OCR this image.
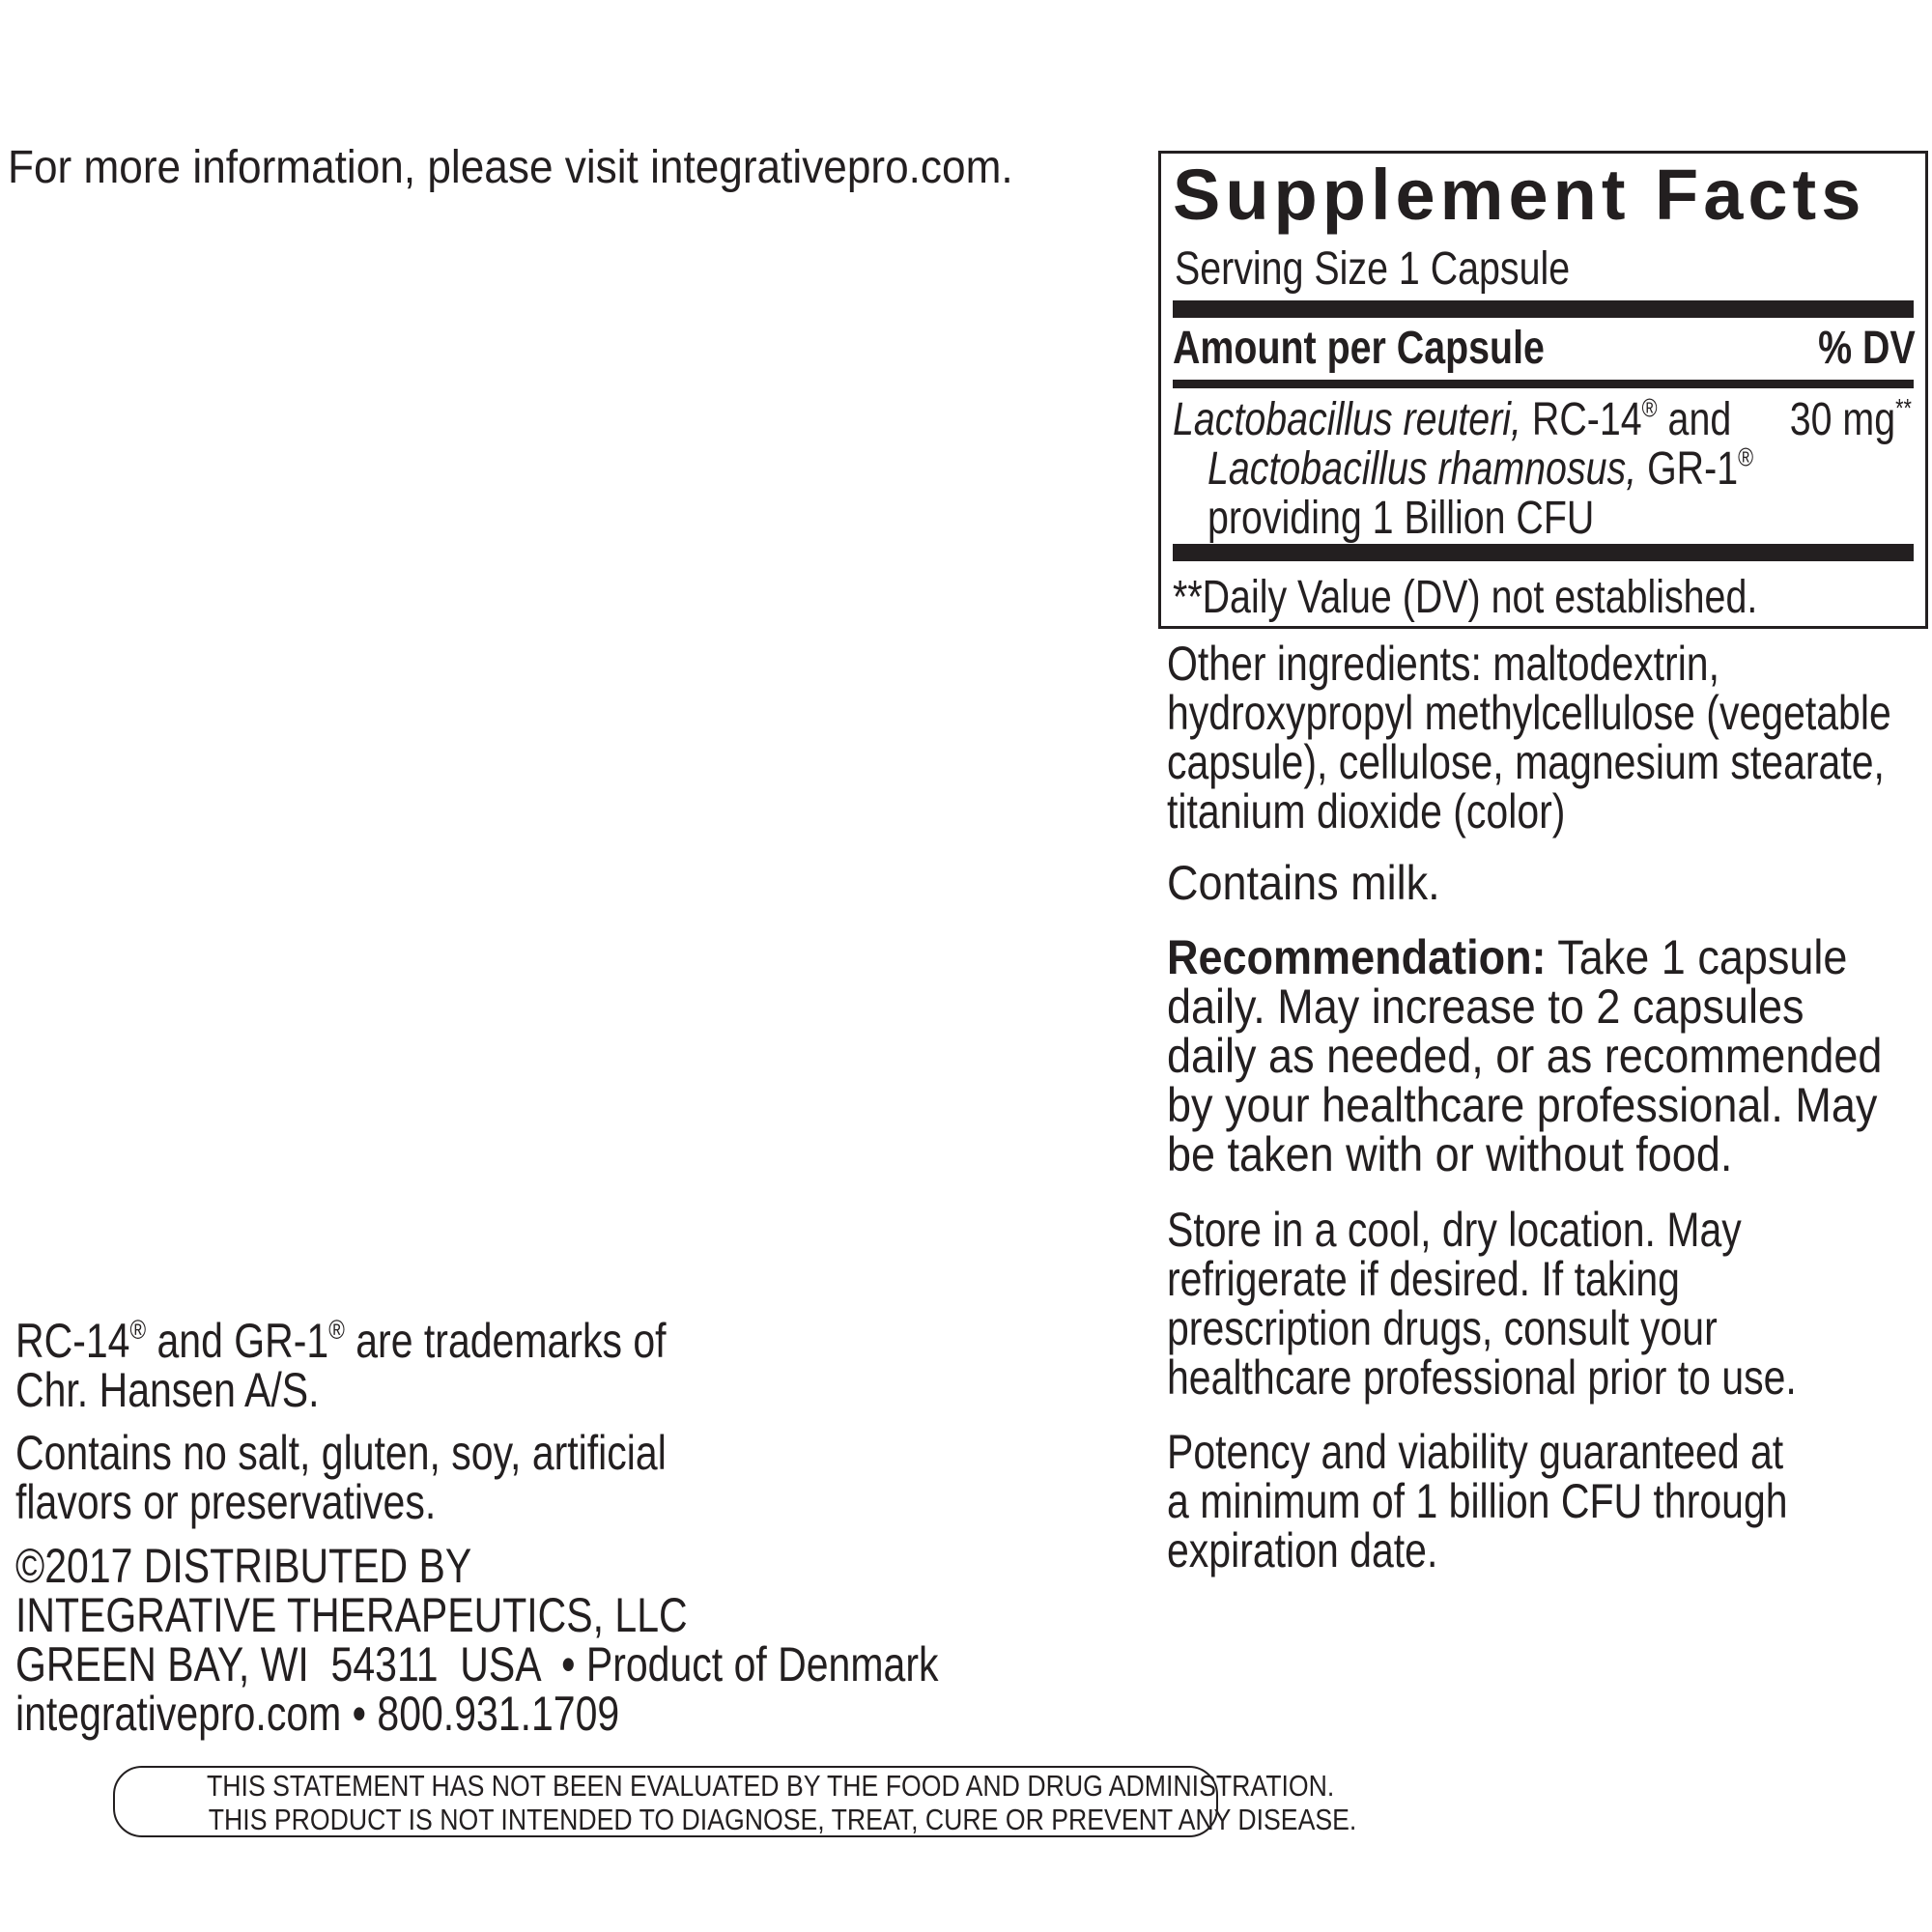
For more information, please visit integrativepro.com.	Supplement Facts
Serving Size 1 Capsule
Amount per Capsule	% DV
Lactobacillus reuteri, RC-14® and
Lactobacillus rhamnosus, GR-1®
providing 1 Billion CFU
30 mg**
**Daily Value (DV) not established.
Other ingredients: maltodextrin,
hydroxypropyl methylcellulose (vegetable
capsule), cellulose, magnesium stearate,
titanium dioxide (color)
Contains milk.
Recommendation: Take 1 capsule
daily. May increase to 2 capsules
daily as needed, or as recommended
by your healthcare professional. May
be taken with or without food.
Store in a cool, dry location. May
refrigerate if desired. If taking
prescription drugs, consult your
healthcare professional prior to use.
Potency and viability guaranteed at
a minimum of 1 billion CFU through
expiration date.
RC-14® and GR-1® are trademarks of
Chr. Hansen A/S.
Contains no salt, gluten, soy, artificial
flavors or preservatives.
©2017 DISTRIBUTED BY
INTEGRATIVE THERAPEUTICS, LLC
GREEN BAY, WI  54311  USA  • Product of Denmark
integrativepro.com • 800.931.1709
THIS STATEMENT HAS NOT BEEN EVALUATED BY THE FOOD AND DRUG ADMINISTRATION.
THIS PRODUCT IS NOT INTENDED TO DIAGNOSE, TREAT, CURE OR PREVENT ANY DISEASE.
